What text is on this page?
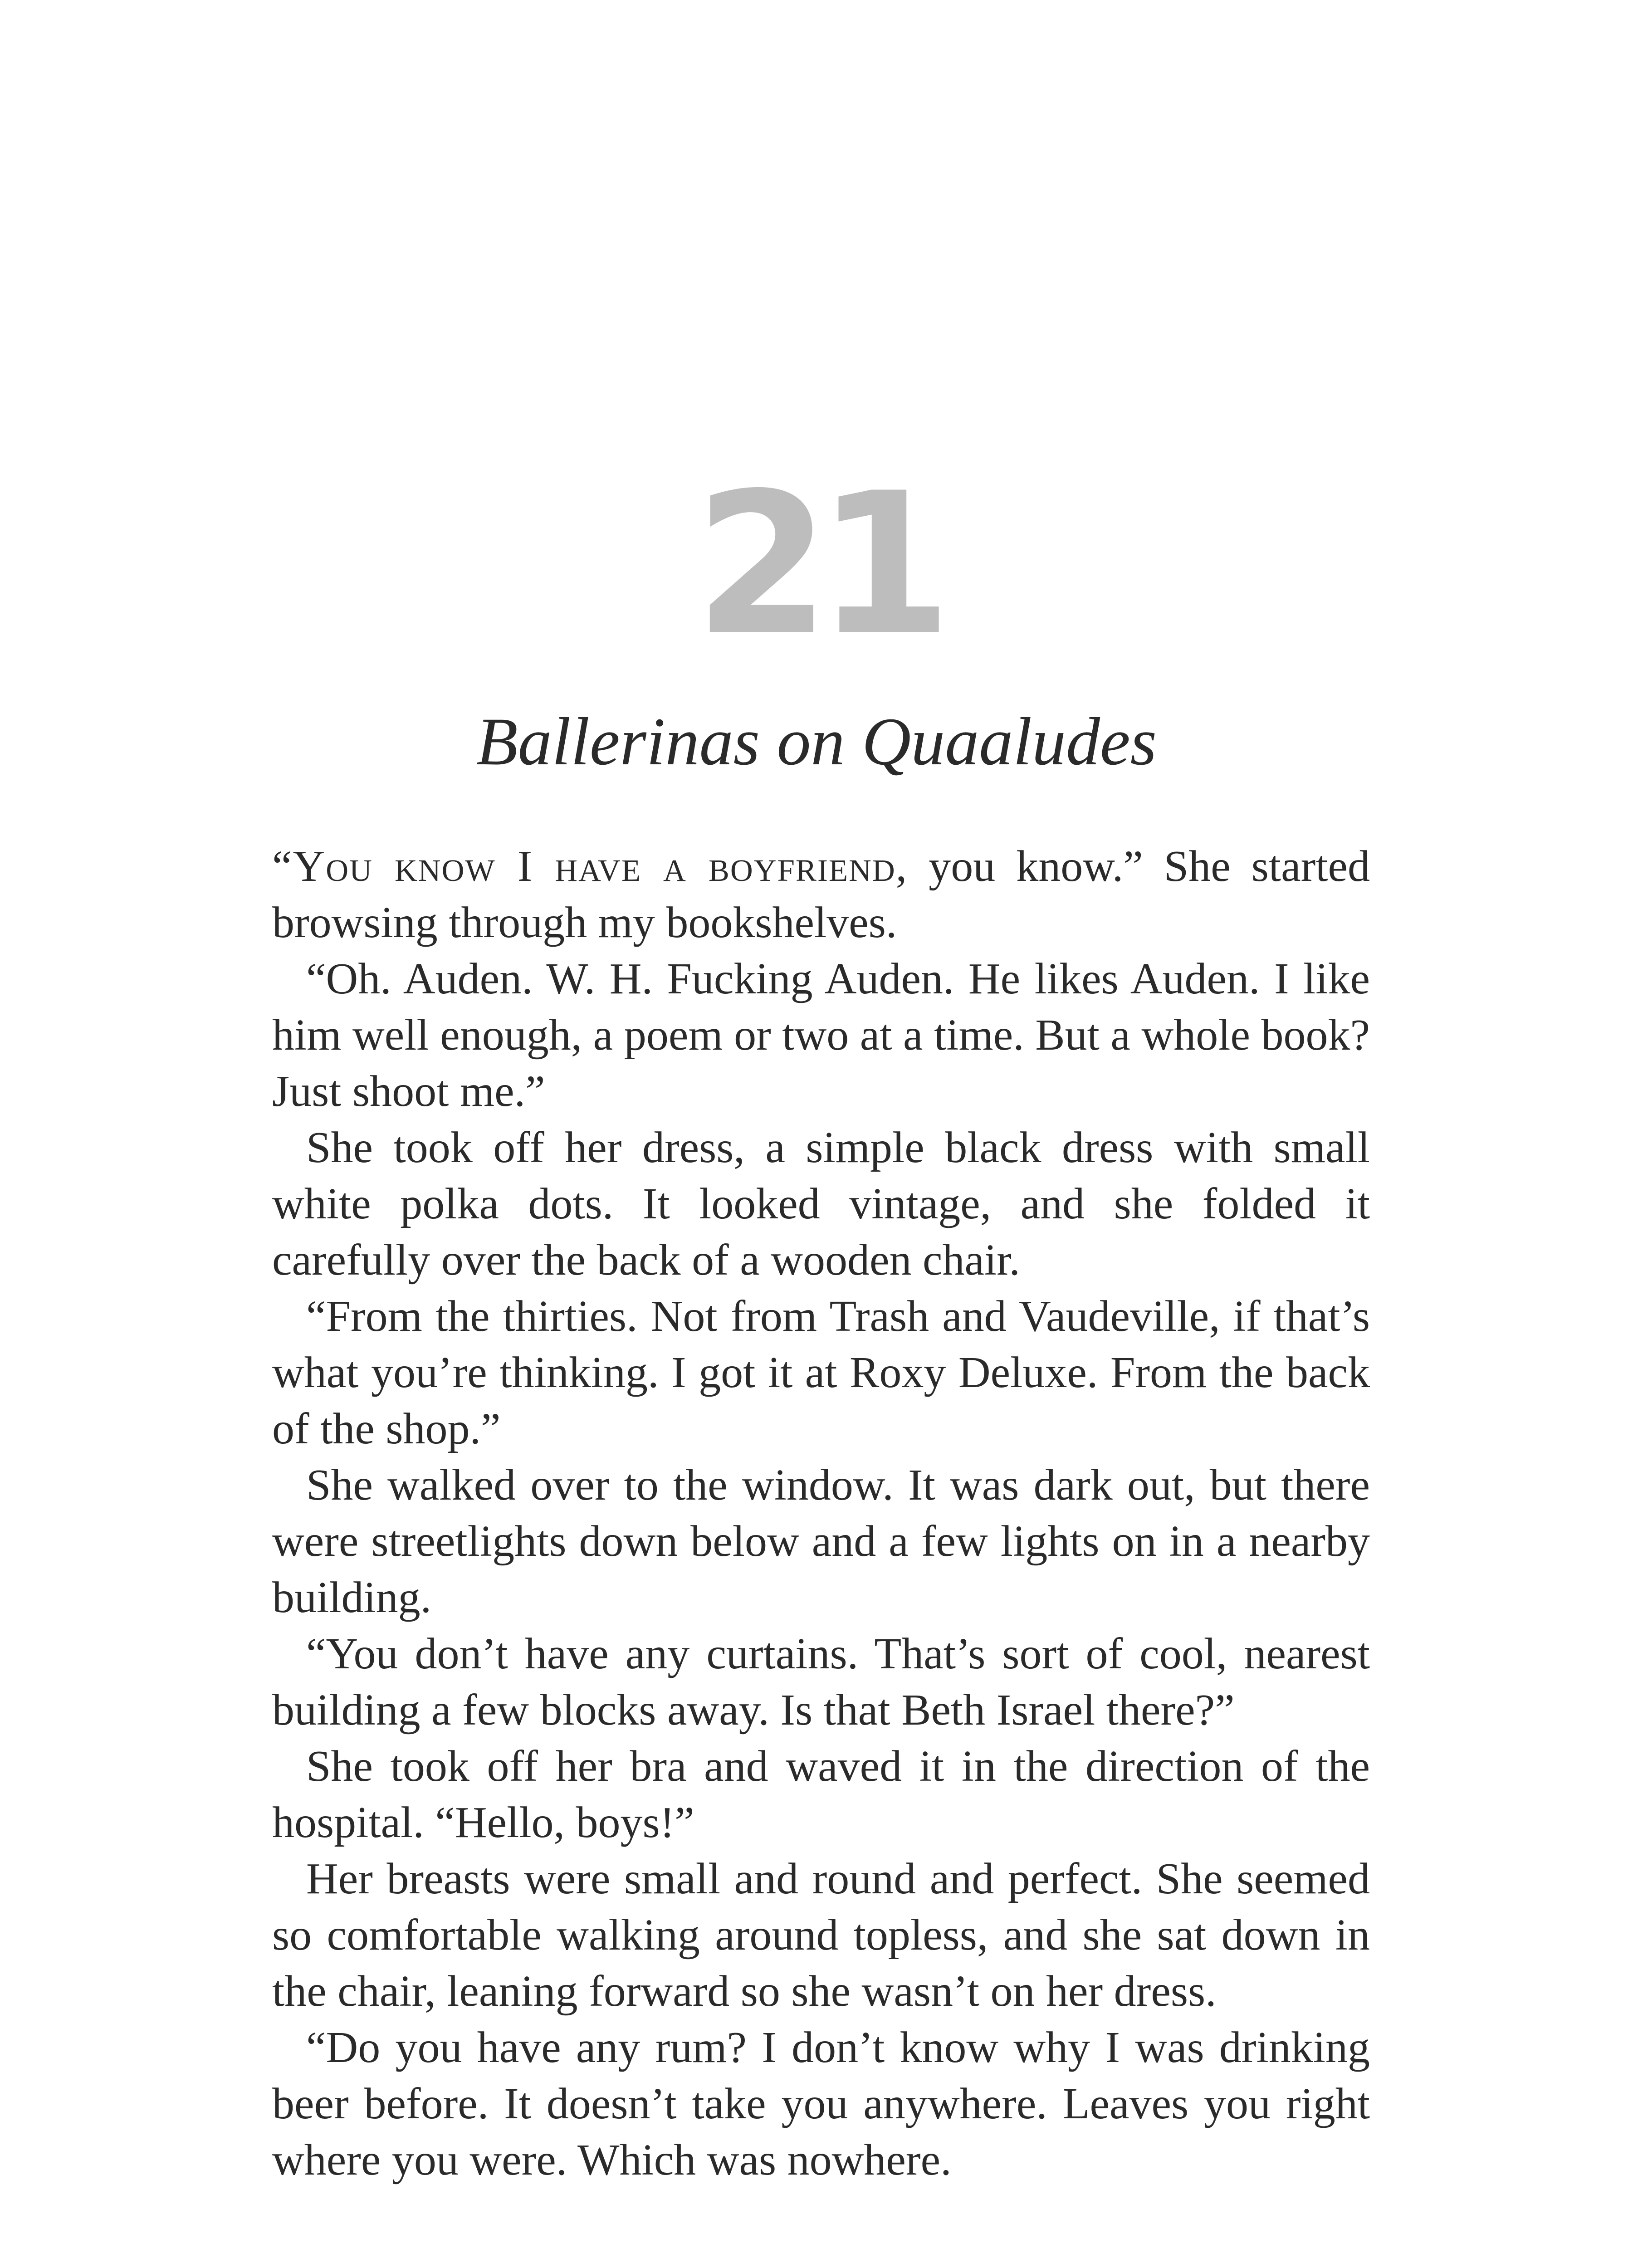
21
Ballerinas on Quaaludes

“You know I have a boyfriend, you know.” She started browsing through my bookshelves.

“Oh. Auden. W. H. Fucking Auden. He likes Auden. I like him well enough, a poem or two at a time. But a whole book? Just shoot me.”

She took off her dress, a simple black dress with small white polka dots. It looked vintage, and she folded it carefully over the back of a wooden chair.

“From the thirties. Not from Trash and Vaudeville, if that’s what you’re thinking. I got it at Roxy Deluxe. From the back of the shop.”

She walked over to the window. It was dark out, but there were streetlights down below and a few lights on in a nearby building.

“You don’t have any curtains. That’s sort of cool, nearest building a few blocks away. Is that Beth Israel there?”

She took off her bra and waved it in the direction of the hospital. “Hello, boys!”

Her breasts were small and round and perfect. She seemed so comfortable walking around topless, and she sat down in the chair, leaning forward so she wasn’t on her dress.

“Do you have any rum? I don’t know why I was drinking beer before. It doesn’t take you anywhere. Leaves you right where you were. Which was nowhere.
